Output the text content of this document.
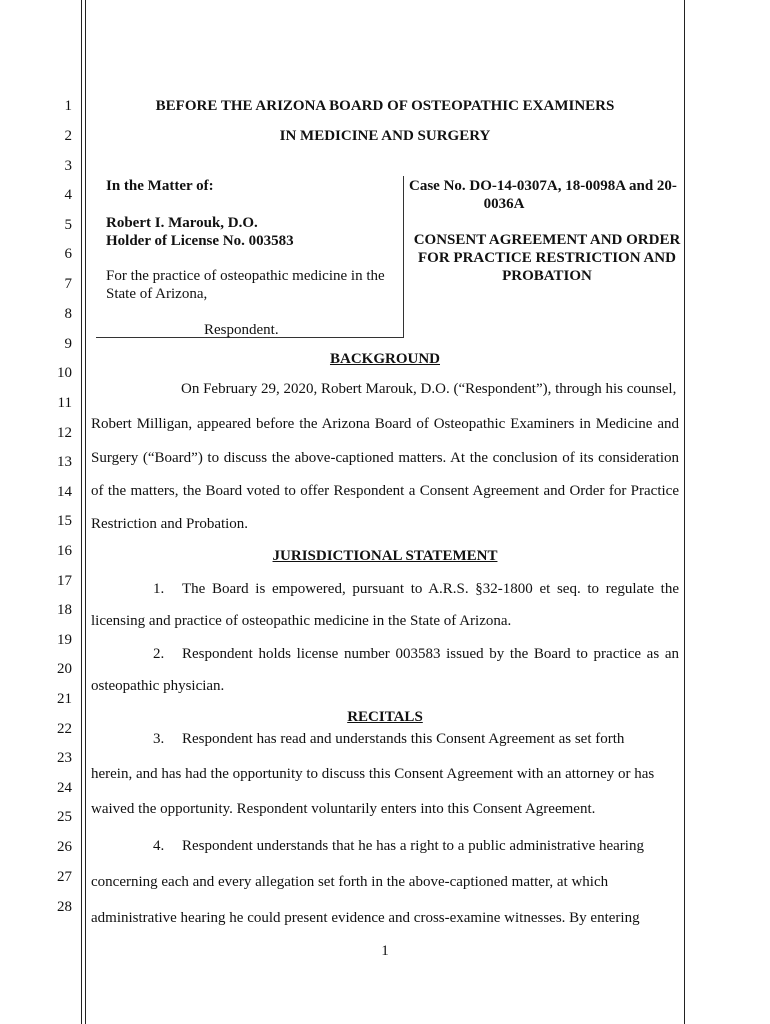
1
2
3
4
5
6
7
8
9
10
11
12
13
14
15
16
17
18
19
20
21
22
23
24
25
26
27
28
BEFORE THE ARIZONA BOARD OF OSTEOPATHIC EXAMINERS
IN MEDICINE AND SURGERY
In the Matter of:
Robert I. Marouk, D.O.
Holder of License No. 003583
For the practice of osteopathic medicine in the
State of Arizona,
Respondent.
Case No. DO-14-0307A, 18-0098A and 20-
0036A
CONSENT AGREEMENT AND ORDER
FOR PRACTICE RESTRICTION AND
PROBATION
BACKGROUND
On February 29, 2020, Robert Marouk, D.O. (“Respondent”), through his counsel,
Robert Milligan, appeared before the Arizona Board of Osteopathic Examiners in Medicine and
Surgery (“Board”) to discuss the above-captioned matters. At the conclusion of its consideration
of the matters, the Board voted to offer Respondent a Consent Agreement and Order for Practice
Restriction and Probation.
JURISDICTIONAL STATEMENT
1. The Board is empowered, pursuant to A.R.S. §32-1800 et seq. to regulate the
licensing and practice of osteopathic medicine in the State of Arizona.
2. Respondent holds license number 003583 issued by the Board to practice as an
osteopathic physician.
RECITALS
3. Respondent has read and understands this Consent Agreement as set forth
herein, and has had the opportunity to discuss this Consent Agreement with an attorney or has
waived the opportunity. Respondent voluntarily enters into this Consent Agreement.
4. Respondent understands that he has a right to a public administrative hearing
concerning each and every allegation set forth in the above-captioned matter, at which
administrative hearing he could present evidence and cross-examine witnesses. By entering
1
